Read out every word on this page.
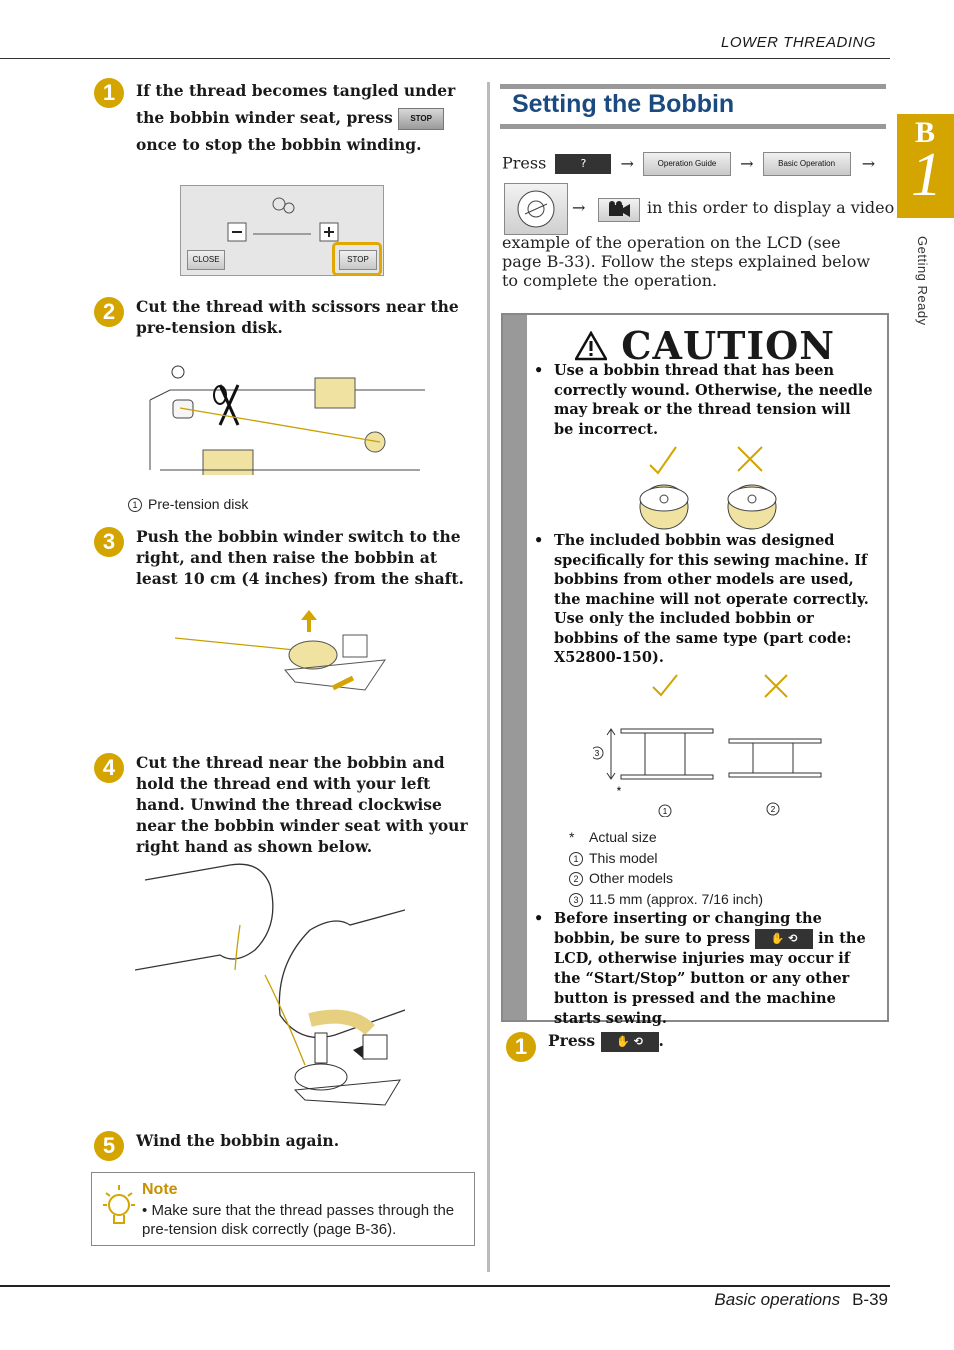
LOWER THREADING
Basic operations B-39
B
1
Getting Ready
1	If the thread becomes tangled under the bobbin winder seat, press STOP once to stop the bobbin winding.
CLOSE	STOP
2	Cut the thread with scissors near the pre-tension disk.
1 Pre-tension disk
3	Push the bobbin winder switch to the right, and then raise the bobbin at least 10 cm (4 inches) from the shaft.
4	Cut the thread near the bobbin and hold the thread end with your left hand. Unwind the thread clockwise near the bobbin winder seat with your right hand as shown below.
5	Wind the bobbin again.
Note
• Make sure that the thread passes through the pre-tension disk correctly (page B-36).
Setting the Bobbin
Press	? →	Operation Guide →	Basic Operation →
→	in this order to display a video
example of the operation on the LCD (see page B-33). Follow the steps explained below to complete the operation.
CAUTION
• Use a bobbin thread that has been correctly wound. Otherwise, the needle may break or the thread tension will be incorrect.
• The included bobbin was designed specifically for this sewing machine. If bobbins from other models are used, the machine will not operate correctly. Use only the included bobbin or bobbins of the same type (part code: X52800-150).
3
*
1	2
* Actual size
1 This model
2 Other models
3 11.5 mm (approx. 7/16 inch)
• Before inserting or changing the bobbin, be sure to press ✋ ⟲ in the LCD, otherwise injuries may occur if the “Start/Stop” button or any other button is pressed and the machine starts sewing.
1	Press ✋ ⟲ .
